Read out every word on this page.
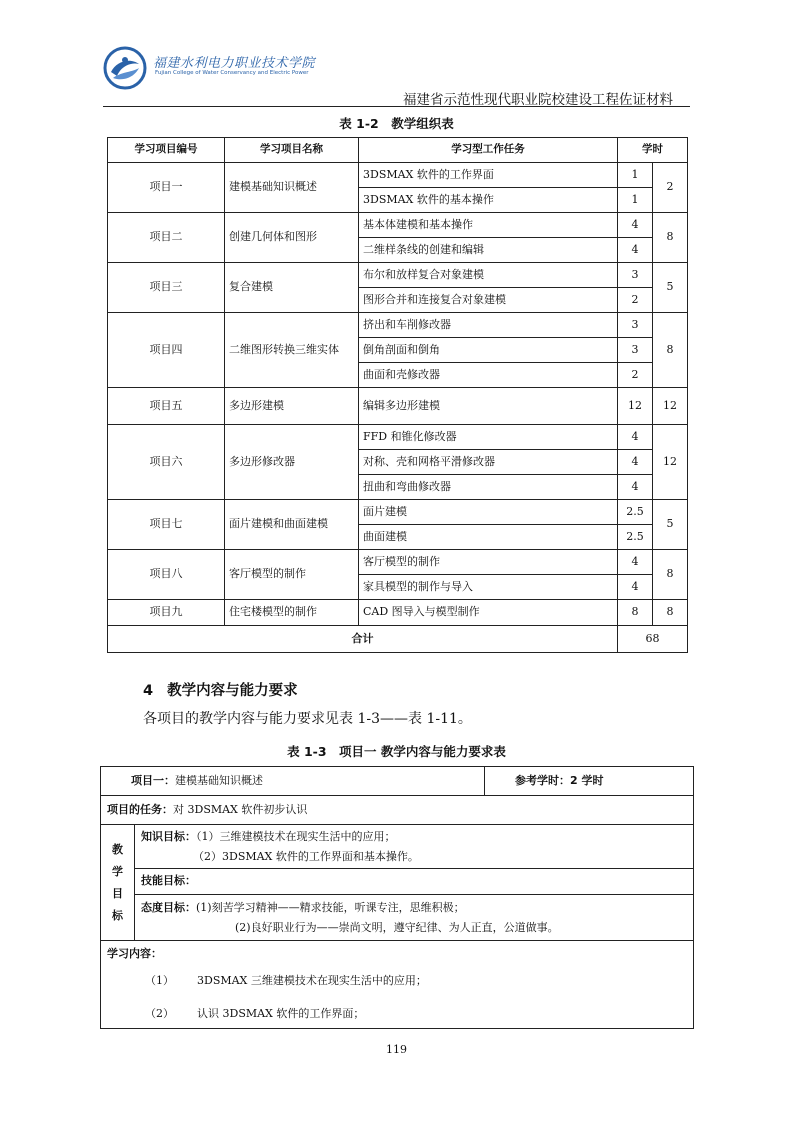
福建水利电力职业技术学院
Fujian College of Water Conservancy and Electric Power
福建省示范性现代职业院校建设工程佐证材料
表 1-2　教学组织表
学习项目编号	学习项目名称	学习型工作任务	学时	
项目一	建模基础知识概述	3DSMAX 软件的工作界面	1	2
		3DSMAX 软件的基本操作	1	
项目二	创建几何体和图形	基本体建模和基本操作	4	8
		二维样条线的创建和编辑	4	
项目三	复合建模	布尔和放样复合对象建模	3	5
		图形合并和连接复合对象建模	2	
项目四	二维图形转换三维实体	挤出和车削修改器	3	8
		倒角剖面和倒角	3	
		曲面和壳修改器	2	
项目五	多边形建模	编辑多边形建模	12	12
项目六	多边形修改器	FFD 和锥化修改器	4	12
		对称、壳和网格平滑修改器	4	
		扭曲和弯曲修改器	4	
项目七	面片建模和曲面建模	面片建模	2.5	5
		曲面建模	2.5	
项目八	客厅模型的制作	客厅模型的制作	4	8
		家具模型的制作与导入	4	
项目九	住宅楼模型的制作	CAD 图导入与模型制作	8	8
合计			68	
4 教学内容与能力要求
各项目的教学内容与能力要求见表 1-3——表 1-11。
表 1-3　项目一 教学内容与能力要求表
项目一：建模基础知识概述		参考学时：2 学时
项目的任务：对 3DSMAX 软件初步认识		

教
学
目
标	知识目标：（1）三维建模技术在现实生活中的应用；
（2）3DSMAX 软件的工作界面和基本操作。	
	技能目标：	
	态度目标：(1)刻苦学习精神——精求技能，听课专注，思维积极；
(2)良好职业行为——崇尚文明，遵守纪律、为人正直，公道做事。	

学习内容：
（1） 3DSMAX 三维建模技术在现实生活中的应用；
（2） 认识 3DSMAX 软件的工作界面；		
119
